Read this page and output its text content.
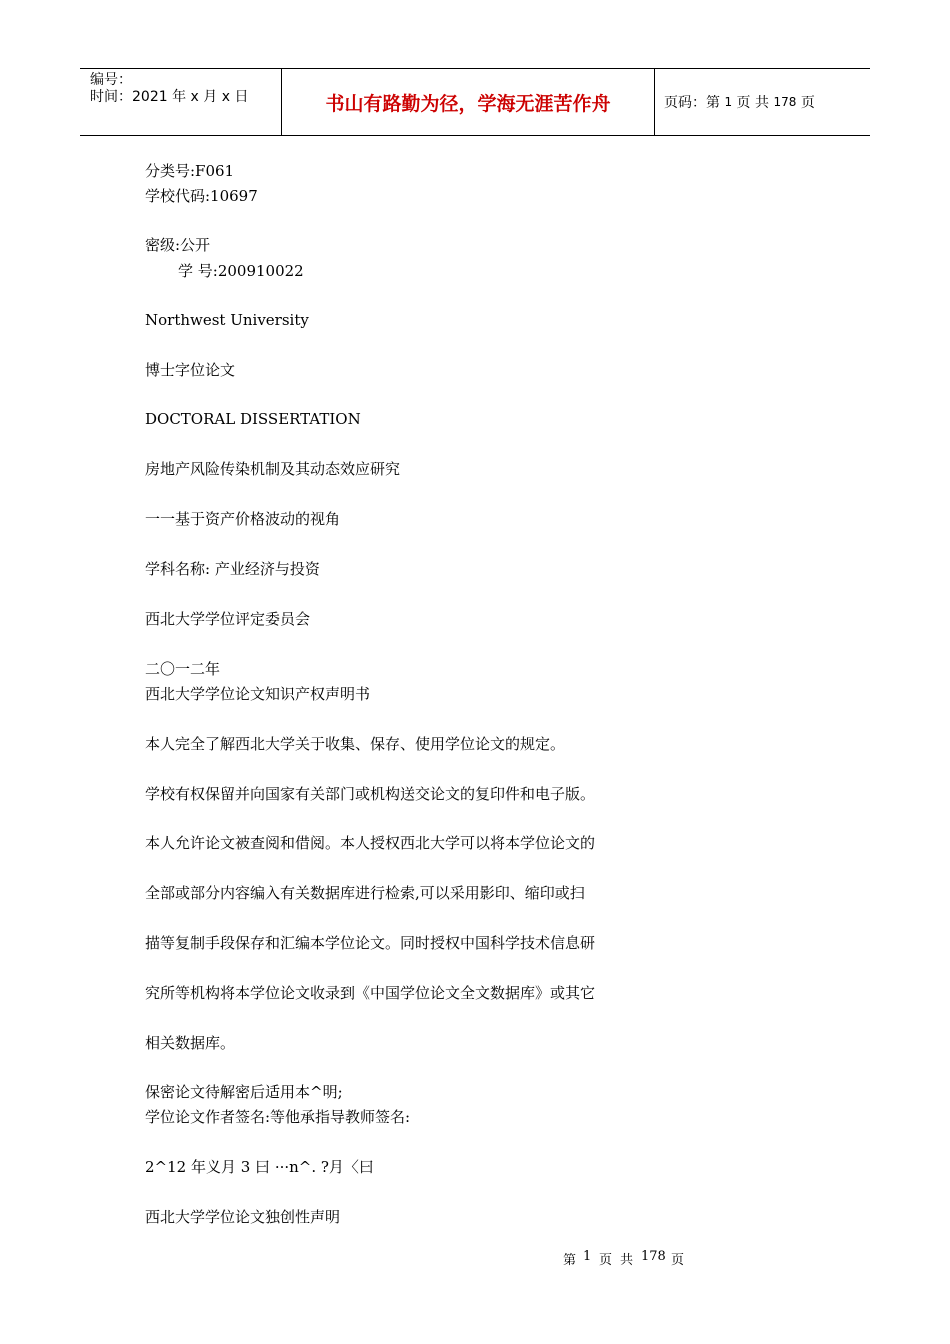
编号：
时间：2021 年 x 月 x 日	书山有路勤为径，学海无涯苦作舟	页码：第
1
页 共
178
页
分类号:F061
学校代码:10697
密级:公开
学 号:200910022
Northwest University
博士字位论文
DOCTORAL DISSERTATION
房地产风险传染机制及其动态效应研究
一一基于资产价格波动的视角
学科名称: 产业经济与投资
西北大学学位评定委员会
二〇一二年
西北大学学位论文知识产权声明书
本人完全了解西北大学关于收集、保存、使用学位论文的规定。
学校有权保留并向国家有关部门或机构送交论文的复印件和电子版。
本人允许论文被查阅和借阅。本人授权西北大学可以将本学位论文的
全部或部分内容编入有关数据库进行检索,可以采用影印、缩印或扫
描等复制手段保存和汇编本学位论文。同时授权中国科学技术信息研
究所等机构将本学位论文收录到《中国学位论文全文数据库》或其它
相关数据库。
保密论文待解密后适用本^明;
学位论文作者签名:等他承指导教师签名:
2^12 年义月 3 曰 ···n^. ?月〈曰
西北大学学位论文独创性声明
第 1 页 共 178 页
